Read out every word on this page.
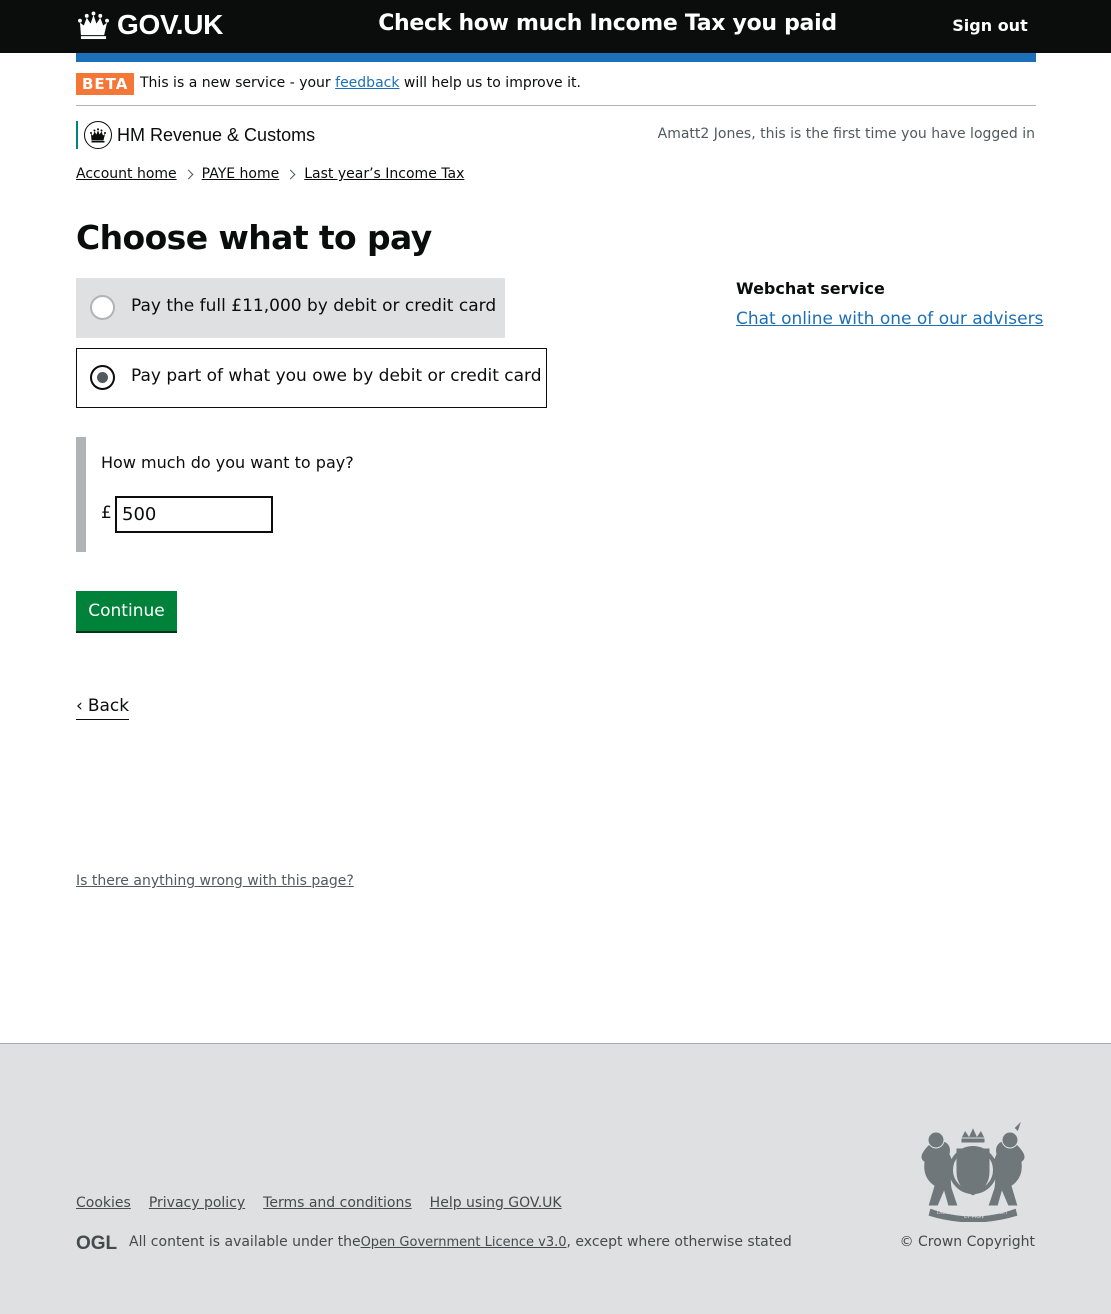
GOV.UK	Check how much Income Tax you paid	Sign out
BETA This is a new service - your feedback will help us to improve it.
HM Revenue & Customs	Amatt2 Jones, this is the first time you have logged in
Account home PAYE home Last year’s Income Tax
Choose what to pay
Pay the full £11,000 by debit or credit card
Pay part of what you owe by debit or credit card
How much do you want to pay?
£
500
Continue
‹ Back
Is there anything wrong with this page?
Webchat service
Chat online with one of our advisers
Cookies Privacy policy Terms and conditions Help using GOV.UK
OGL All content is available under the Open Government Licence v3.0 , except where otherwise stated
DIEU
ET MON
DROIT
© Crown Copyright
